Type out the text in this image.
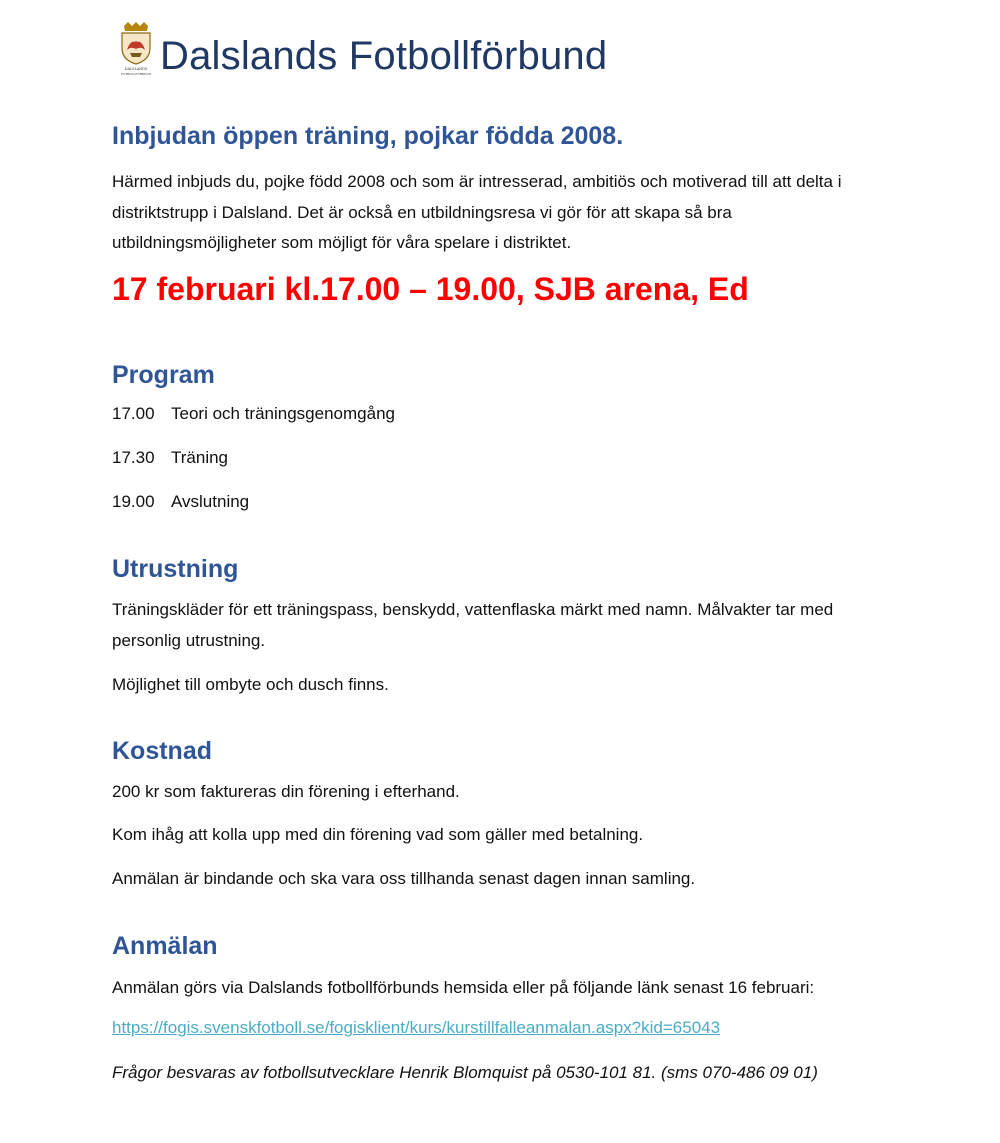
DALSLANDS
FOTBOLLFÖRBUND Dalslands Fotbollförbund
Inbjudan öppen träning, pojkar födda 2008.

Härmed inbjuds du, pojke född 2008 och som är intresserad, ambitiös och motiverad till att delta i distriktstrupp i Dalsland. Det är också en utbildningsresa vi gör för att skapa så bra utbildningsmöjligheter som möjligt för våra spelare i distriktet.

17 februari kl.17.00 – 19.00, SJB arena, Ed
Program
17.00 Teori och träningsgenomgång
17.30 Träning
19.00 Avslutning
Utrustning

Träningskläder för ett träningspass, benskydd, vattenflaska märkt med namn. Målvakter tar med personlig utrustning.

Möjlighet till ombyte och dusch finns.

Kostnad

200 kr som faktureras din förening i efterhand.

Kom ihåg att kolla upp med din förening vad som gäller med betalning.

Anmälan är bindande och ska vara oss tillhanda senast dagen innan samling.

Anmälan

Anmälan görs via Dalslands fotbollförbunds hemsida eller på följande länk senast 16 februari:

https://fogis.svenskfotboll.se/fogisklient/kurs/kurstillfalleanmalan.aspx?kid=65043
Frågor besvaras av fotbollsutvecklare Henrik Blomquist på 0530-101 81. (sms 070-486 09 01)
